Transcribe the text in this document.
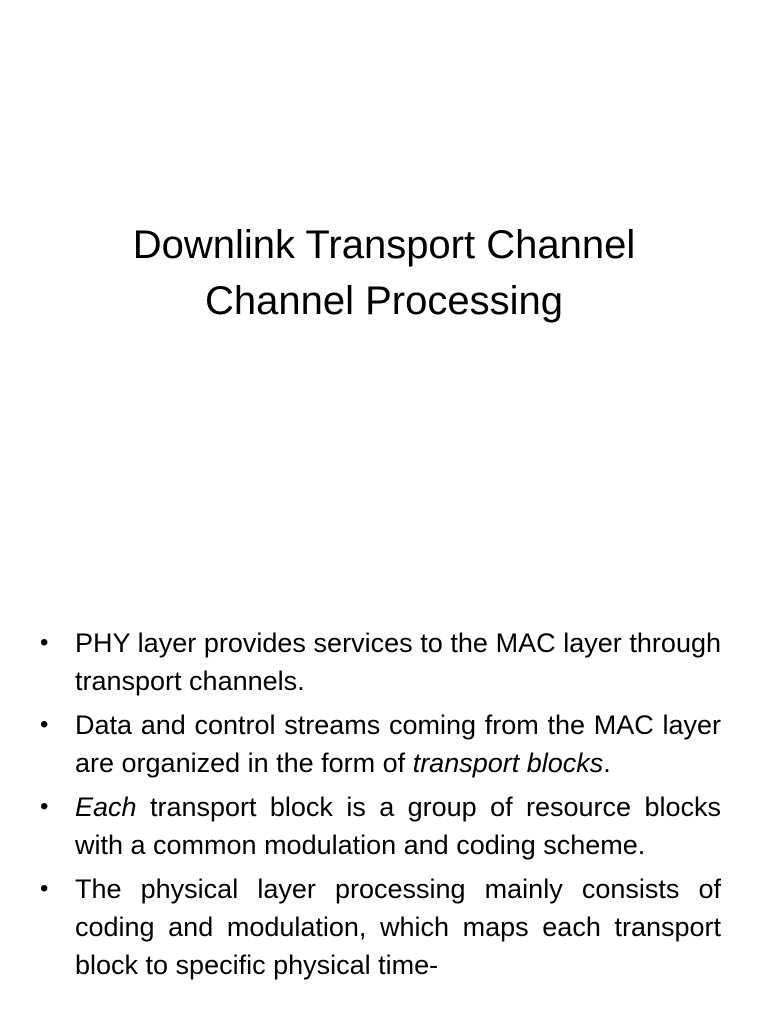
Downlink Transport Channel
Channel Processing
• PHY layer provides services to the MAC layer through transport channels.
• Data and control streams coming from the MAC layer are organized in the form of transport blocks.
• Each transport block is a group of resource blocks with a common modulation and coding scheme.
• The physical layer processing mainly consists of coding and modulation, which maps each transport block to specific physical time-
